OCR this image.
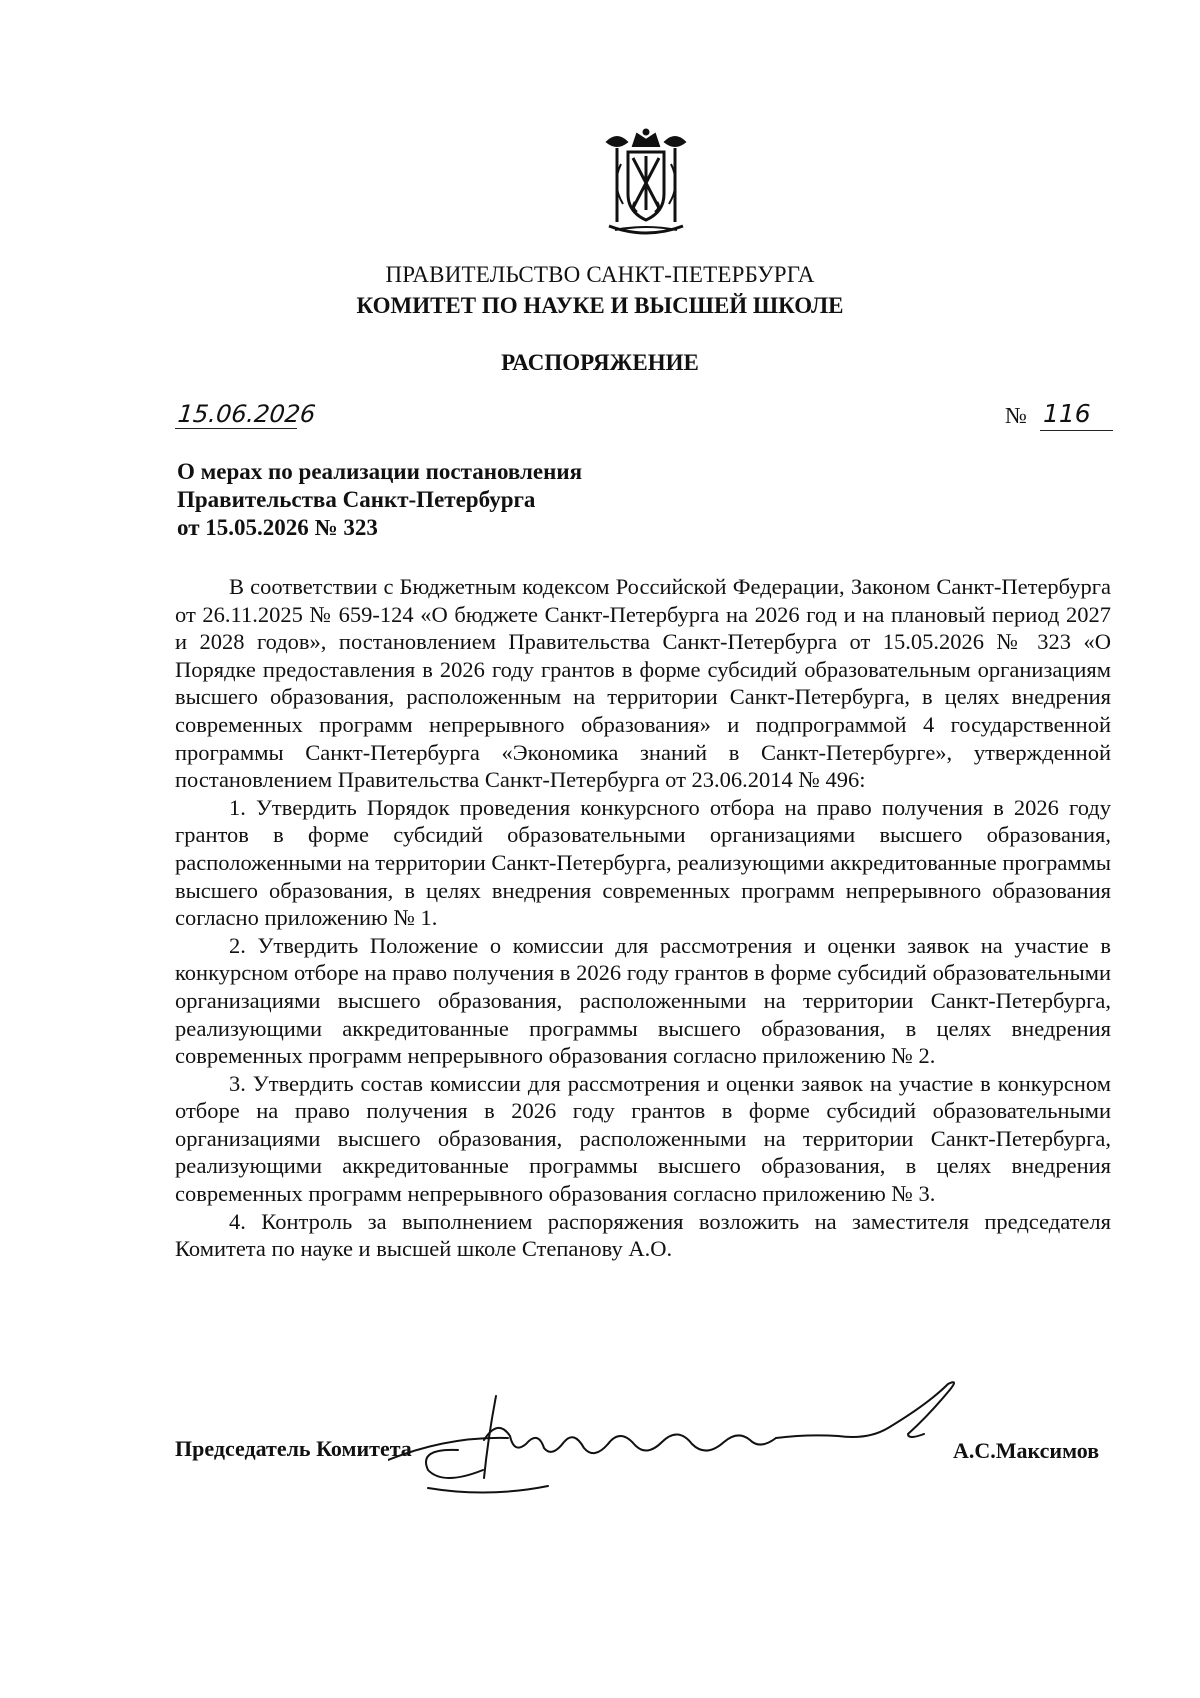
ПРАВИТЕЛЬСТВО САНКТ-ПЕТЕРБУРГА
КОМИТЕТ ПО НАУКЕ И ВЫСШЕЙ ШКОЛЕ
РАСПОРЯЖЕНИЕ
15.06.2026	№ 116
О мерах по реализации постановления
Правительства Санкт-Петербурга
от 15.05.2026 № 323

В соответствии с Бюджетным кодексом Российской Федерации, Законом Санкт-Петербурга от 26.11.2025 № 659-124 «О бюджете Санкт-Петербурга на 2026 год и на плановый период 2027 и 2028 годов», постановлением Правительства Санкт-Петербурга от 15.05.2026 № 323 «О Порядке предоставления в 2026 году грантов в форме субсидий образовательным организациям высшего образования, расположенным на территории Санкт-Петербурга, в целях внедрения современных программ непрерывного образования» и подпрограммой 4 государственной программы Санкт-Петербурга «Экономика знаний в Санкт-Петербурге», утвержденной постановлением Правительства Санкт-Петербурга от 23.06.2014 № 496:

1. Утвердить Порядок проведения конкурсного отбора на право получения в 2026 году грантов в форме субсидий образовательными организациями высшего образования, расположенными на территории Санкт-Петербурга, реализующими аккредитованные программы высшего образования, в целях внедрения современных программ непрерывного образования согласно приложению № 1.

2. Утвердить Положение о комиссии для рассмотрения и оценки заявок на участие в конкурсном отборе на право получения в 2026 году грантов в форме субсидий образовательными организациями высшего образования, расположенными на территории Санкт-Петербурга, реализующими аккредитованные программы высшего образования, в целях внедрения современных программ непрерывного образования согласно приложению № 2.

3. Утвердить состав комиссии для рассмотрения и оценки заявок на участие в конкурсном отборе на право получения в 2026 году грантов в форме субсидий образовательными организациями высшего образования, расположенными на территории Санкт-Петербурга, реализующими аккредитованные программы высшего образования, в целях внедрения современных программ непрерывного образования согласно приложению № 3.

4. Контроль за выполнением распоряжения возложить на заместителя председателя Комитета по науке и высшей школе Степанову А.О.

Председатель Комитета	А.С.Максимов
